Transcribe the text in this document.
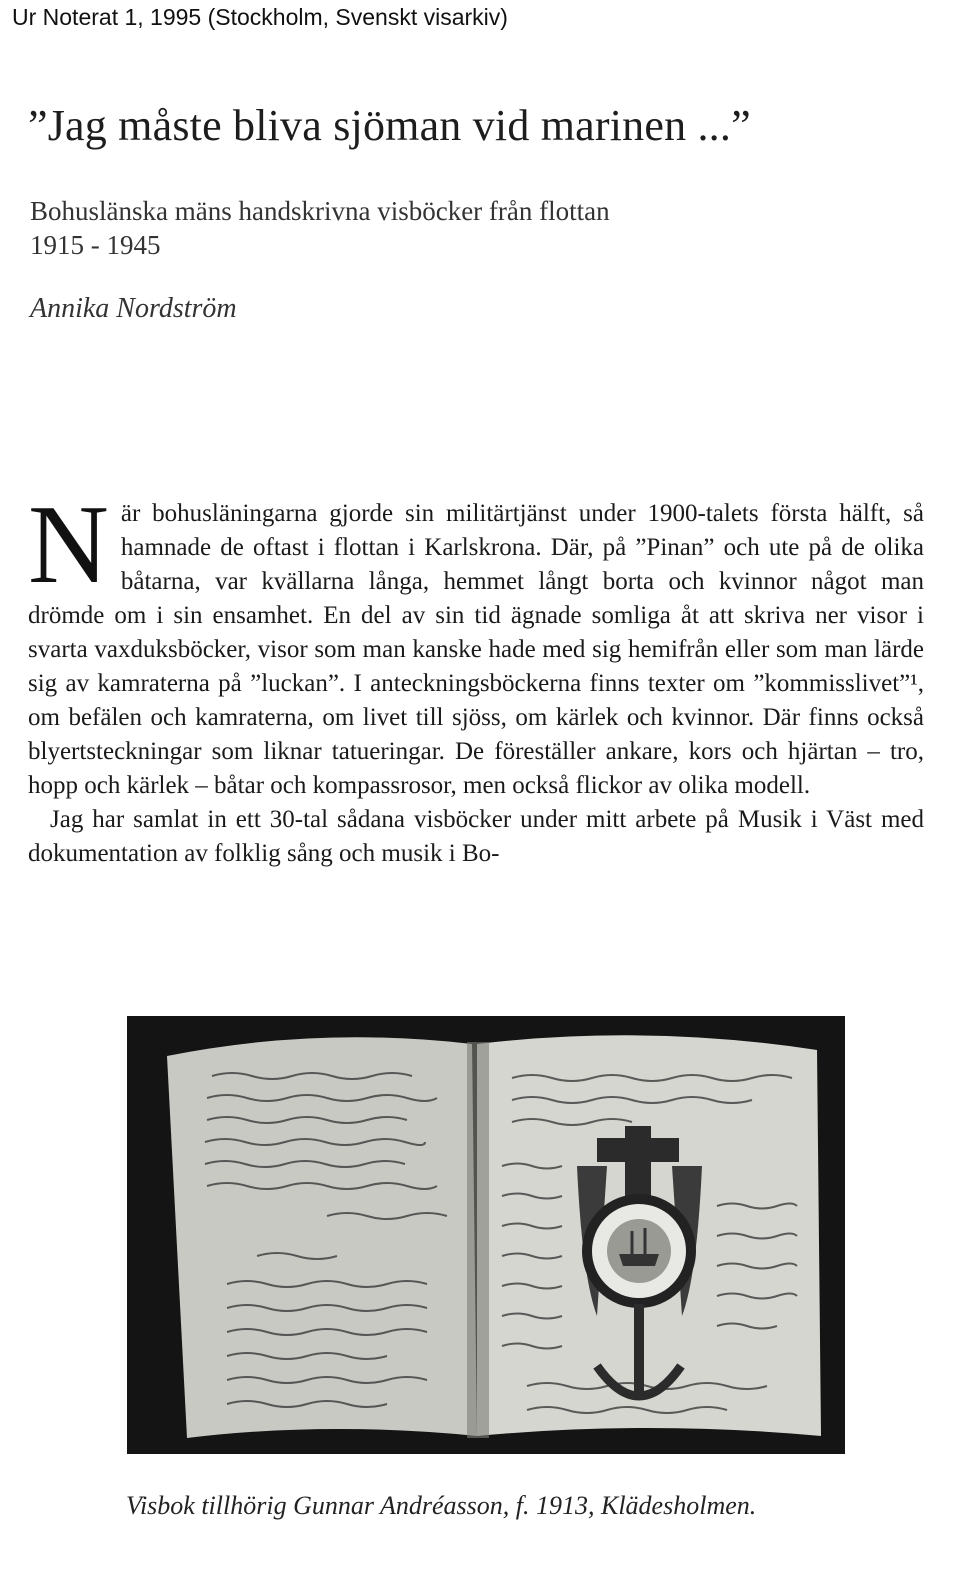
Ur Noterat 1, 1995 (Stockholm, Svenskt visarkiv)
”Jag måste bliva sjöman vid marinen ...”
Bohuslänska mäns handskrivna visböcker från flottan
1915 - 1945
Annika Nordström

När bohusläningarna gjorde sin militärtjänst under 1900-talets första hälft, så hamnade de oftast i flottan i Karlskrona. Där, på ”Pinan” och ute på de olika båtarna, var kvällarna långa, hemmet långt borta och kvinnor något man drömde om i sin ensamhet. En del av sin tid ägnade somliga åt att skriva ner visor i svarta vaxduksböcker, visor som man kanske hade med sig hemifrån eller som man lärde sig av kamraterna på ”luckan”. I anteckningsböckerna finns texter om ”kommisslivet”¹, om befälen och kamraterna, om livet till sjöss, om kärlek och kvinnor. Där finns också blyertsteckningar som liknar tatueringar. De föreställer ankare, kors och hjärtan – tro, hopp och kärlek – båtar och kompassrosor, men också flickor av olika modell.

Jag har samlat in ett 30-tal sådana visböcker under mitt arbete på Musik i Väst med dokumentation av folklig sång och musik i Bo-

Visbok tillhörig Gunnar Andréasson, f. 1913, Klädesholmen.
